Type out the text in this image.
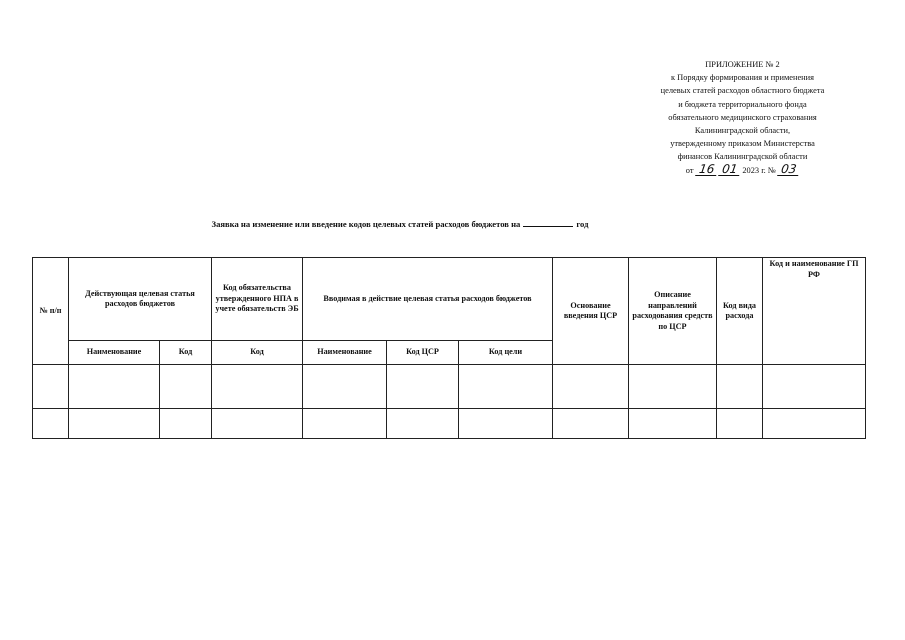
ПРИЛОЖЕНИЕ № 2
к Порядку формирования и применения
целевых статей расходов областного бюджета
и бюджета территориального фонда
обязательного медицинского страхования
Калининградской области,
утвержденному приказом Министерства
финансов Калининградской области
от 16 01 2023 г. № 03
Заявка на изменение или введение кодов целевых статей расходов бюджетов на	год
№ п/п	Действующая целевая статья расходов бюджетов		Код обязательства утвержденного НПА в учете обязательств ЭБ	Вводимая в действие целевая статья расходов бюджетов			Основание введения ЦСР	Описание направлений расходования средств по ЦСР	Код вида расхода	Код и наименование ГП РФ
	Наименование	Код	Код	Наименование	Код ЦСР	Код цели				
